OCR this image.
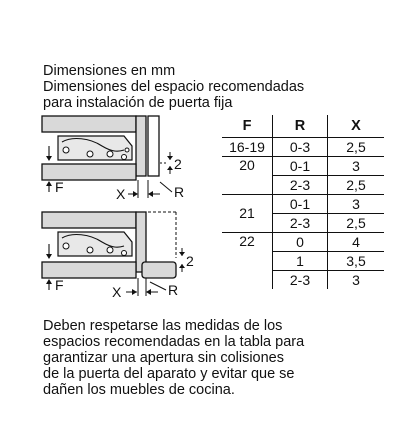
Dimensiones en mm
Dimensiones del espacio recomendadas
para instalación de puerta fija
F
2
X	R
F
2
X	R
F	R	X
16-19	0-3	2,5
20	0-1	3
	2-3	2,5
21	0-1	3
	2-3	2,5
22	0	4
	1	3,5
	2-3	3
Deben respetarse las medidas de los
espacios recomendadas en la tabla para
garantizar una apertura sin colisiones
de la puerta del aparato y evitar que se
dañen los muebles de cocina.
